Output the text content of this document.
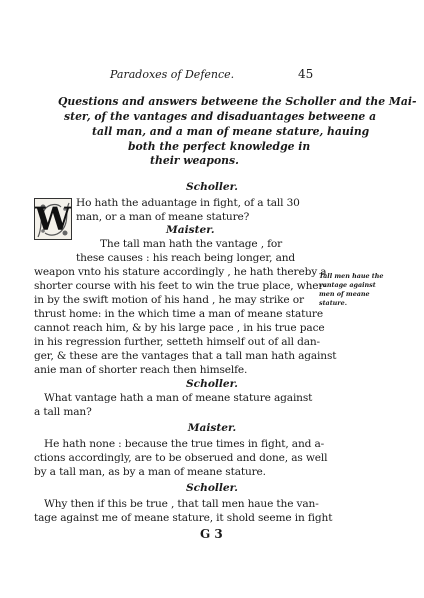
Paradoxes of Defence.	45
Questions and answers betweene the Scholler and the Mai-
ster, of the vantages and disaduantages betweene a
tall man, and a man of meane stature, hauing
both the perfect knowledge in
their weapons.
W
Scholler.
Ho hath the aduantage in fight, of a tall 30
man, or a man of meane stature?
Maister.
The tall man hath the vantage , for
these causes : his reach being longer, and
weapon vnto his stature accordingly , he hath thereby a
shorter course with his feet to win the true place, wher-
in by the swift motion of his hand , he may strike or
thrust home: in the which time a man of meane stature
cannot reach him, & by his large pace , in his true pace
in his regression further, setteth himself out of all dan-
ger, & these are the vantages that a tall man hath against
anie man of shorter reach then himselfe.
Scholler.
What vantage hath a man of meane stature against
a tall man?
Maister.
He hath none : because the true times in fight, and a-
ctions accordingly, are to be obserued and done, as well
by a tall man, as by a man of meane stature.
Scholler.
Why then if this be true , that tall men haue the van-
tage against me of meane stature, it shold seeme in fight
Tall men haue the
vantage against
men of meane
stature.
G 3
